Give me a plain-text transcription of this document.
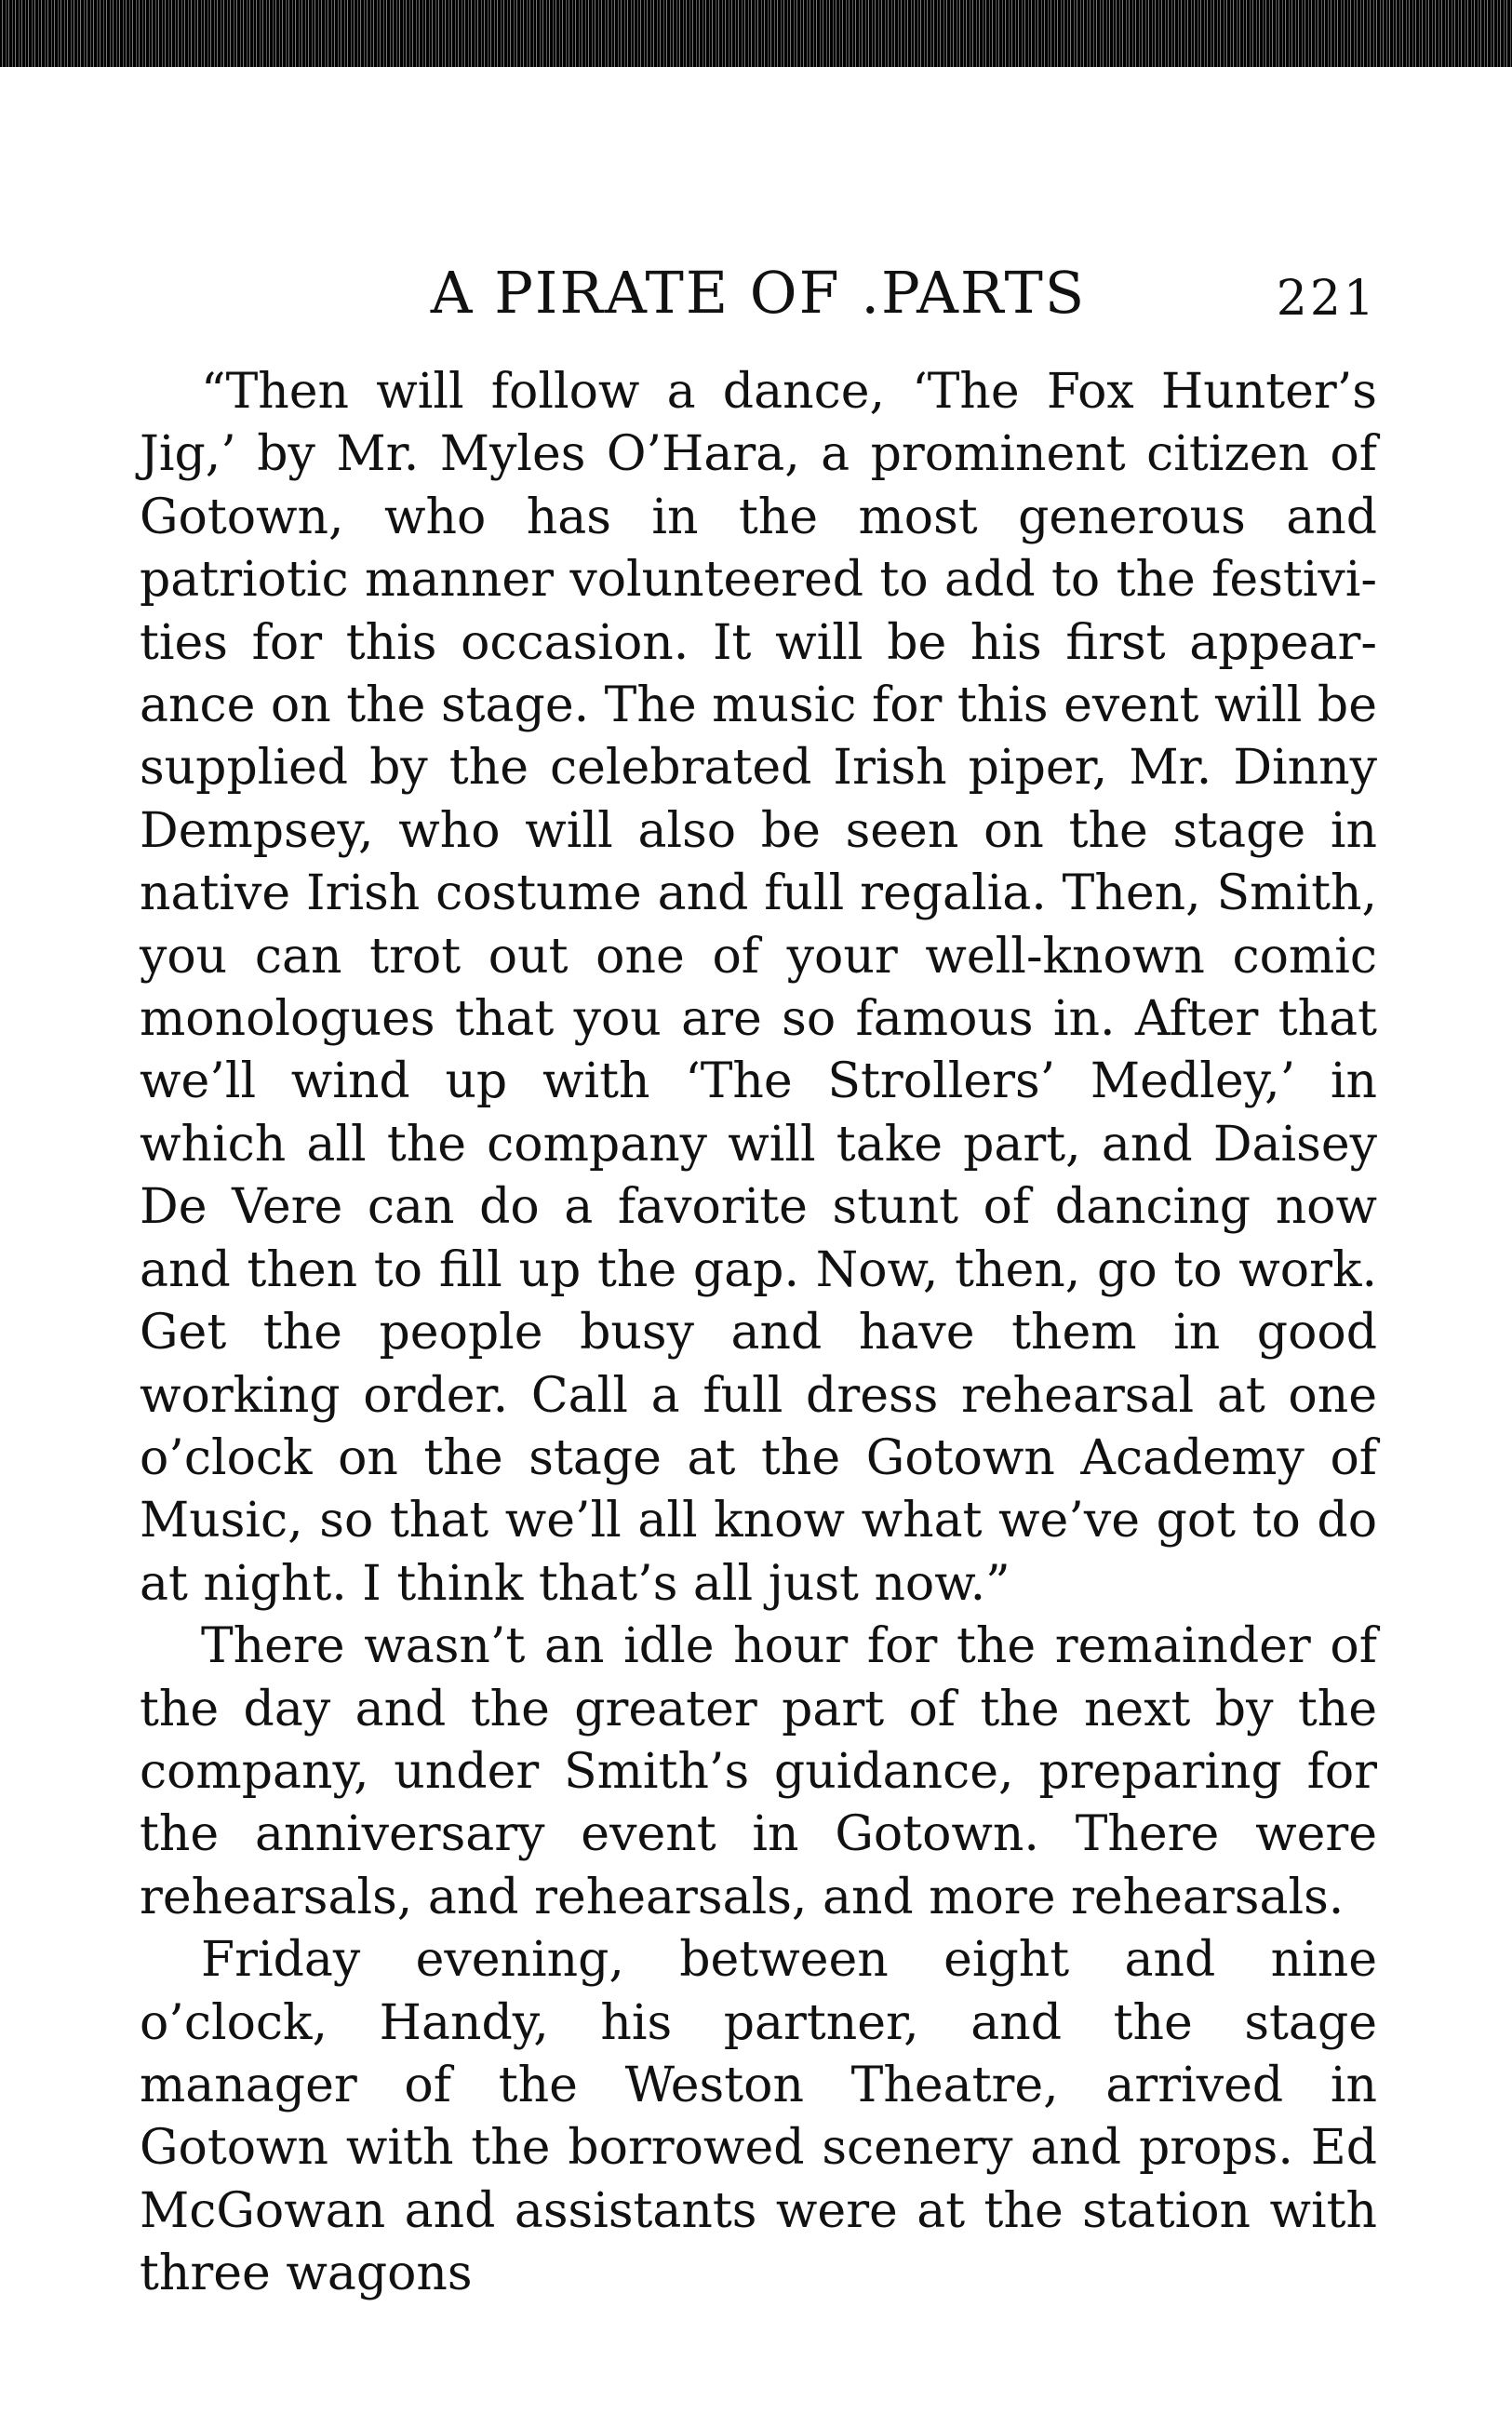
A PIRATE OF .PARTS	221

“Then will follow a dance, ‘The Fox Hunter’s Jig,’ by Mr. Myles O’Hara, a prominent citizen of Gotown, who has in the most generous and patriotic manner volunteered to add to the festivities for this occasion. It will be his first appearance on the stage. The music for this event will be supplied by the celebrated Irish piper, Mr. Dinny Dempsey, who will also be seen on the stage in native Irish costume and full regalia. Then, Smith, you can trot out one of your well-known comic monologues that you are so famous in. After that we’ll wind up with ‘The Strollers’ Medley,’ in which all the company will take part, and Daisey De Vere can do a favorite stunt of dancing now and then to fill up the gap. Now, then, go to work. Get the people busy and have them in good working order. Call a full dress rehearsal at one o’clock on the stage at the Gotown Academy of Music, so that we’ll all know what we’ve got to do at night. I think that’s all just now.”

There wasn’t an idle hour for the remainder of the day and the greater part of the next by the company, under Smith’s guidance, preparing for the anniversary event in Gotown. There were rehearsals, and rehearsals, and more rehearsals.

Friday evening, between eight and nine o’clock, Handy, his partner, and the stage manager of the Weston Theatre, arrived in Gotown with the borrowed scenery and props. Ed McGowan and assistants were at the station with three wagons
